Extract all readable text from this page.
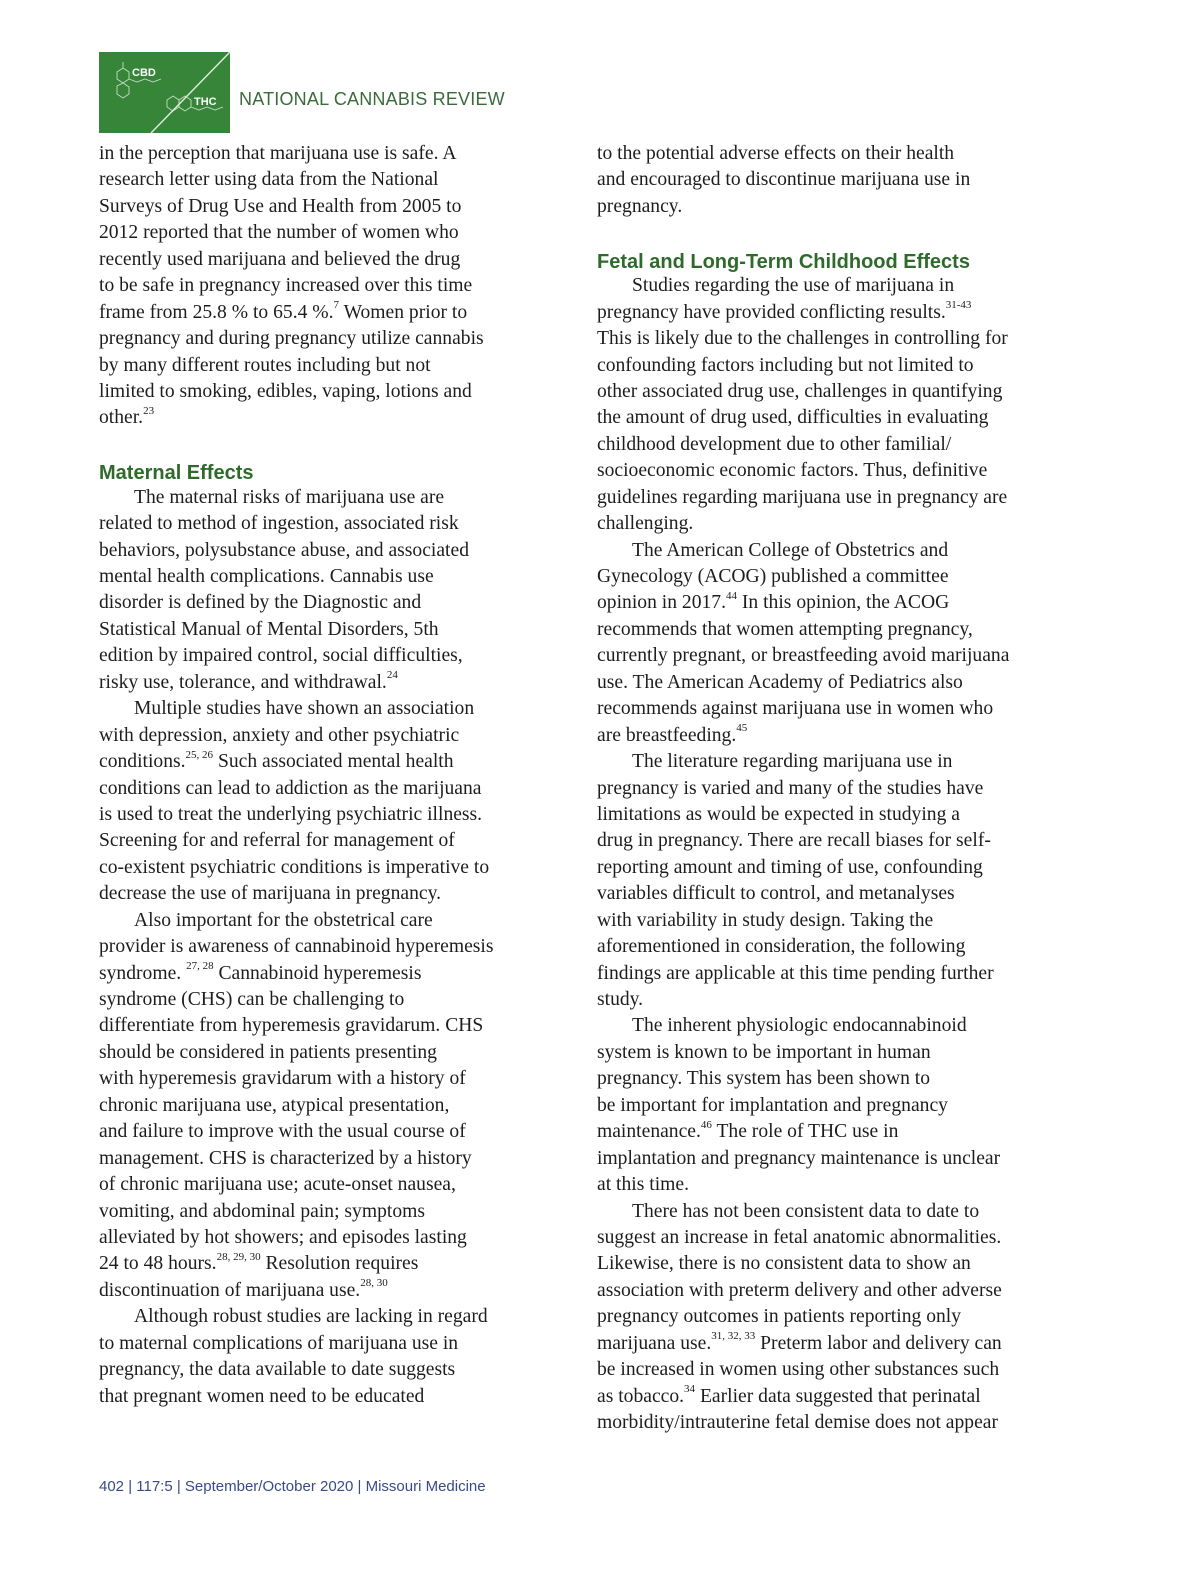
CBD
THC NATIONAL CANNABIS REVIEW
in the perception that marijuana use is safe. A
research letter using data from the National
Surveys of Drug Use and Health from 2005 to
2012 reported that the number of women who
recently used marijuana and believed the drug
to be safe in pregnancy increased over this time
frame from 25.8 % to 65.4 %.$^7$ Women prior to
pregnancy and during pregnancy utilize cannabis
by many different routes including but not
limited to smoking, edibles, vaping, lotions and
other.$^{23}$
Maternal Effects
The maternal risks of marijuana use are
related to method of ingestion, associated risk
behaviors, polysubstance abuse, and associated
mental health complications. Cannabis use
disorder is defined by the Diagnostic and
Statistical Manual of Mental Disorders, 5th
edition by impaired control, social difficulties,
risky use, tolerance, and withdrawal.$^{24}$
Multiple studies have shown an association
with depression, anxiety and other psychiatric
conditions.$^{25, 26}$ Such associated mental health
conditions can lead to addiction as the marijuana
is used to treat the underlying psychiatric illness.
Screening for and referral for management of
co-existent psychiatric conditions is imperative to
decrease the use of marijuana in pregnancy.
Also important for the obstetrical care
provider is awareness of cannabinoid hyperemesis
syndrome. $^{27, 28}$ Cannabinoid hyperemesis
syndrome (CHS) can be challenging to
differentiate from hyperemesis gravidarum. CHS
should be considered in patients presenting
with hyperemesis gravidarum with a history of
chronic marijuana use, atypical presentation,
and failure to improve with the usual course of
management. CHS is characterized by a history
of chronic marijuana use; acute-onset nausea,
vomiting, and abdominal pain; symptoms
alleviated by hot showers; and episodes lasting
24 to 48 hours.$^{28, 29, 30}$ Resolution requires
discontinuation of marijuana use.$^{28, 30}$
Although robust studies are lacking in regard
to maternal complications of marijuana use in
pregnancy, the data available to date suggests
that pregnant women need to be educated
to the potential adverse effects on their health
and encouraged to discontinue marijuana use in
pregnancy.
Fetal and Long-Term Childhood Effects
Studies regarding the use of marijuana in
pregnancy have provided conflicting results.$^{31-43}$
This is likely due to the challenges in controlling for
confounding factors including but not limited to
other associated drug use, challenges in quantifying
the amount of drug used, difficulties in evaluating
childhood development due to other familial/
socioeconomic economic factors. Thus, definitive
guidelines regarding marijuana use in pregnancy are
challenging.
The American College of Obstetrics and
Gynecology (ACOG) published a committee
opinion in 2017.44 In this opinion, the ACOG
recommends that women attempting pregnancy,
currently pregnant, or breastfeeding avoid marijuana
use. The American Academy of Pediatrics also
recommends against marijuana use in women who
are breastfeeding.$^{45}$
The literature regarding marijuana use in
pregnancy is varied and many of the studies have
limitations as would be expected in studying a
drug in pregnancy. There are recall biases for self-
reporting amount and timing of use, confounding
variables difficult to control, and metanalyses
with variability in study design. Taking the
aforementioned in consideration, the following
findings are applicable at this time pending further
study.
The inherent physiologic endocannabinoid
system is known to be important in human
pregnancy. This system has been shown to
be important for implantation and pregnancy
maintenance.$^{46}$ The role of THC use in
implantation and pregnancy maintenance is unclear
at this time.
There has not been consistent data to date to
suggest an increase in fetal anatomic abnormalities.
Likewise, there is no consistent data to show an
association with preterm delivery and other adverse
pregnancy outcomes in patients reporting only
marijuana use.$^{31, 32, 33}$ Preterm labor and delivery can
be increased in women using other substances such
as tobacco.$^{34}$ Earlier data suggested that perinatal
morbidity/intrauterine fetal demise does not appear
402 | 117:5 | September/October 2020 | Missouri Medicine
